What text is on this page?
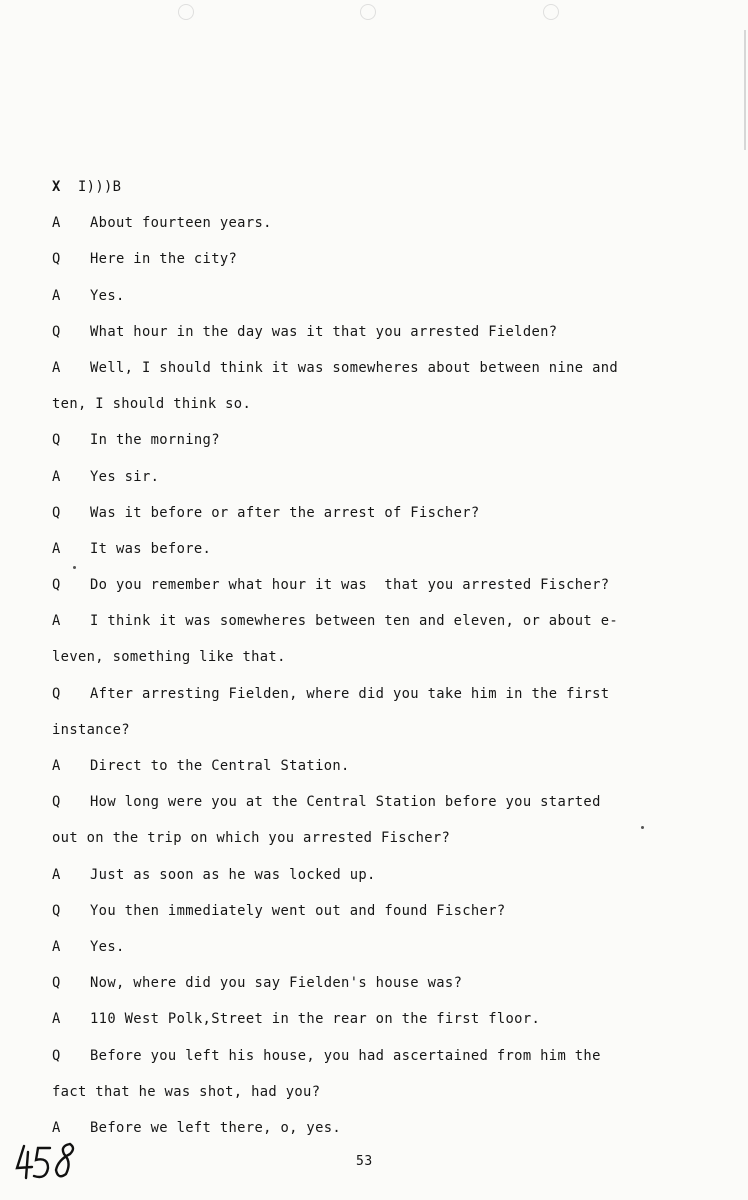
X I)))B
A About fourteen years.
Q Here in the city?
A Yes.
Q What hour in the day was it that you arrested Fielden?
A Well, I should think it was somewheres about between nine and
ten, I should think so.
Q In the morning?
A Yes sir.
Q Was it before or after the arrest of Fischer?
A It was before.
Q Do you remember what hour it was  that you arrested Fischer?
A I think it was somewheres between ten and eleven, or about e-
leven, something like that.
Q After arresting Fielden, where did you take him in the first
instance?
A Direct to the Central Station.
Q How long were you at the Central Station before you started
out on the trip on which you arrested Fischer?
A Just as soon as he was locked up.
Q You then immediately went out and found Fischer?
A Yes.
Q Now, where did you say Fielden's house was?
A 110 West Polk,Street in the rear on the first floor.
Q Before you left his house, you had ascertained from him the
fact that he was shot, had you?
A Before we left there, o, yes.
53
